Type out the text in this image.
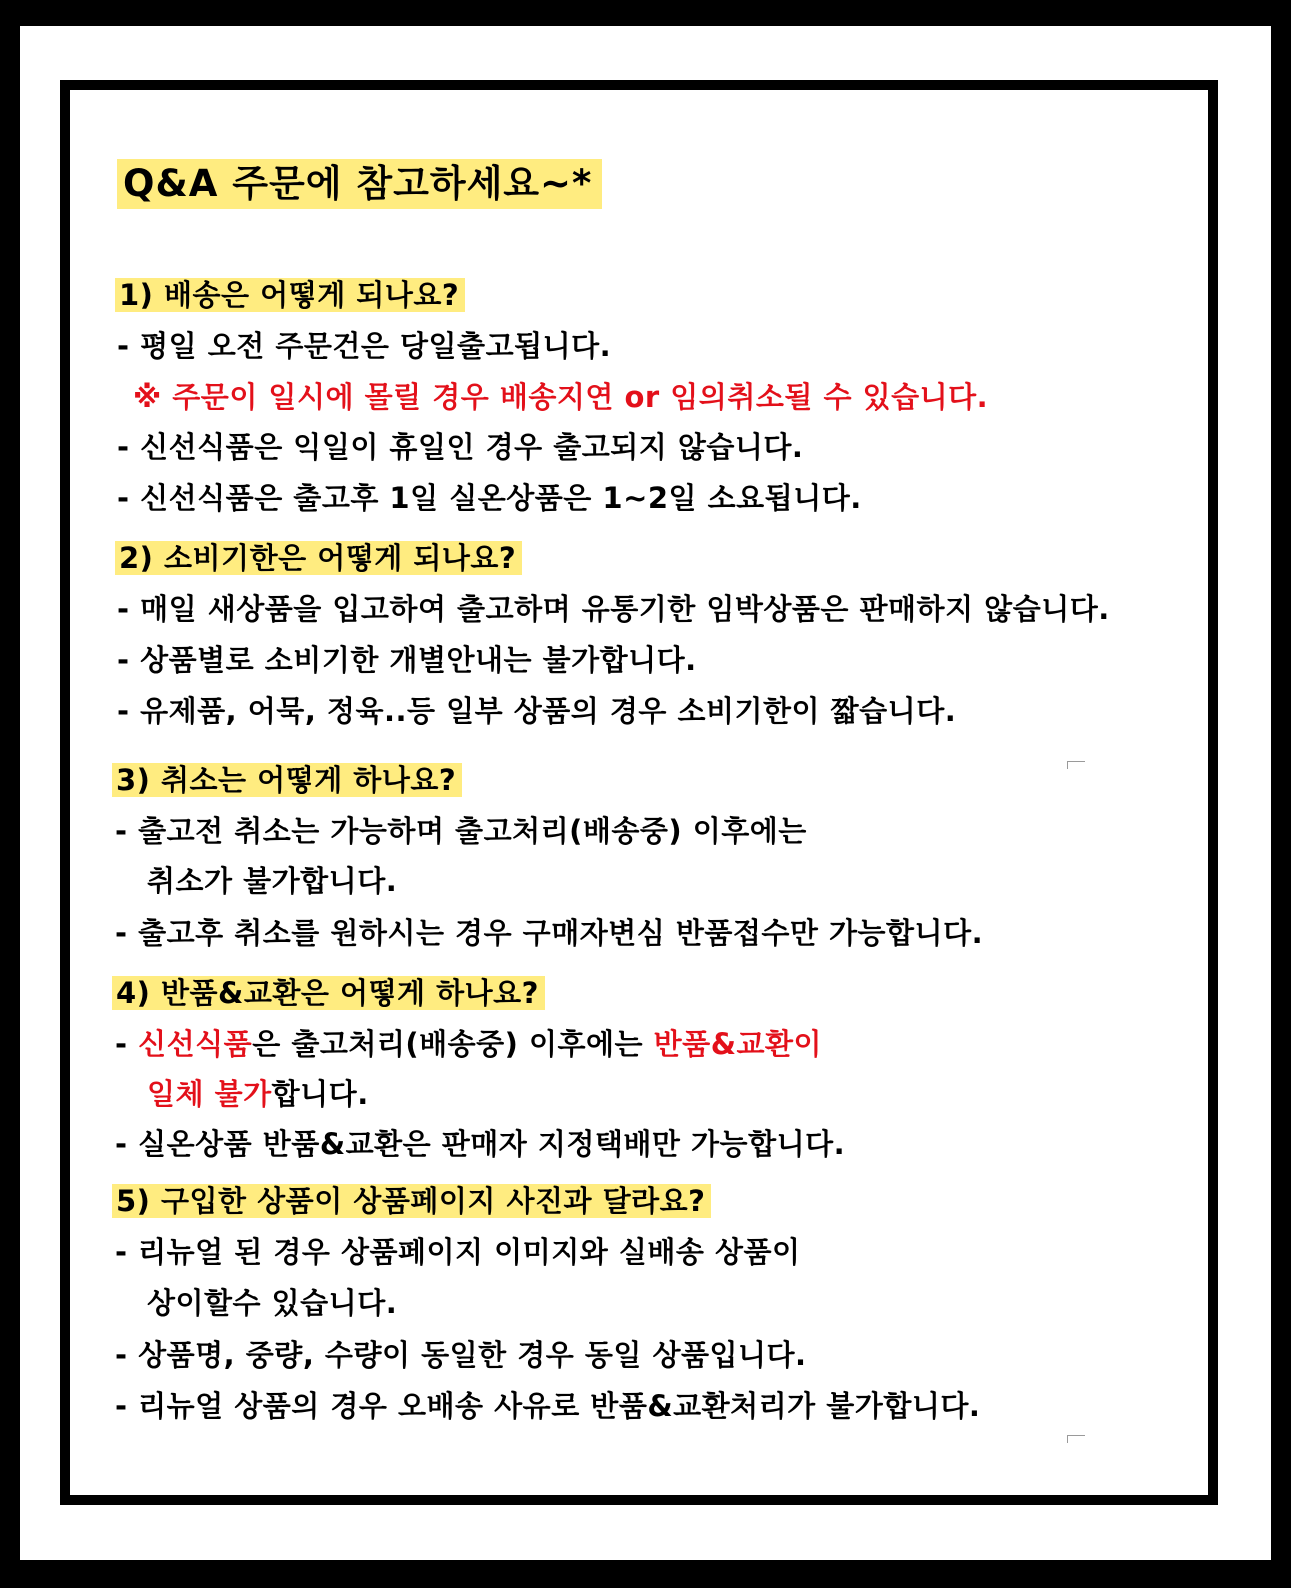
Q&A 주문에 참고하세요~*
1) 배송은 어떻게 되나요?
- 평일 오전 주문건은 당일출고됩니다.
※ 주문이 일시에 몰릴 경우 배송지연 or 임의취소될 수 있습니다.
- 신선식품은 익일이 휴일인 경우 출고되지 않습니다.
- 신선식품은 출고후 1일 실온상품은 1~2일 소요됩니다.
2) 소비기한은 어떻게 되나요?
- 매일 새상품을 입고하여 출고하며 유통기한 임박상품은 판매하지 않습니다.
- 상품별로 소비기한 개별안내는 불가합니다.
- 유제품, 어묵, 정육..등 일부 상품의 경우 소비기한이 짧습니다.
3) 취소는 어떻게 하나요?
- 출고전 취소는 가능하며 출고처리(배송중) 이후에는
취소가 불가합니다.
- 출고후 취소를 원하시는 경우 구매자변심 반품접수만 가능합니다.
4) 반품&교환은 어떻게 하나요?
- 신선식품은 출고처리(배송중) 이후에는 반품&교환이
일체 불가합니다.
- 실온상품 반품&교환은 판매자 지정택배만 가능합니다.
5) 구입한 상품이 상품페이지 사진과 달라요?
- 리뉴얼 된 경우 상품페이지 이미지와 실배송 상품이
상이할수 있습니다.
- 상품명, 중량, 수량이 동일한 경우 동일 상품입니다.
- 리뉴얼 상품의 경우 오배송 사유로 반품&교환처리가 불가합니다.
